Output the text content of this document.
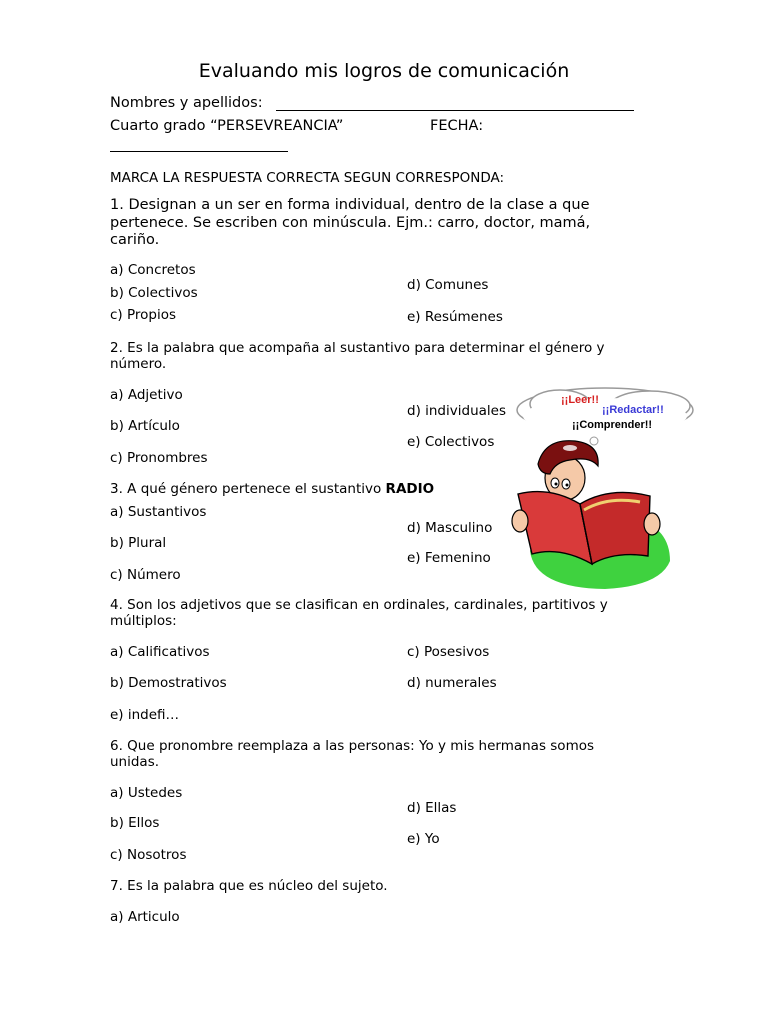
Evaluando mis logros de comunicación
Nombres y apellidos:
Cuarto grado “PERSEVREANCIA”	FECHA:
MARCA LA RESPUESTA CORRECTA SEGUN CORRESPONDA:
1. Designan a un ser en forma individual, dentro de la clase a que pertenece. Se escriben con minúscula. Ejm.: carro, doctor, mamá, cariño.
a) Concretos
b) Colectivos
c) Propios
d) Comunes
e) Resúmenes
2. Es la palabra que acompaña al sustantivo para determinar el género y número.
a) Adjetivo
b) Artículo
c) Pronombres
d) individuales
e) Colectivos
3. A qué género pertenece el sustantivo RADIO
a) Sustantivos
b) Plural
c) Número
d) Masculino
e) Femenino
4. Son los adjetivos que se clasifican en ordinales, cardinales, partitivos y múltiplos:
a) Calificativos	c) Posesivos
b) Demostrativos	d) numerales
e) indefi…
6. Que pronombre reemplaza a las personas: Yo y mis hermanas somos unidas.
a) Ustedes
b) Ellos
c) Nosotros
d) Ellas
e) Yo
7. Es la palabra que es núcleo del sujeto.
a) Articulo
¡¡Leer!!
¡¡Redactar!!
¡¡Comprender!!
